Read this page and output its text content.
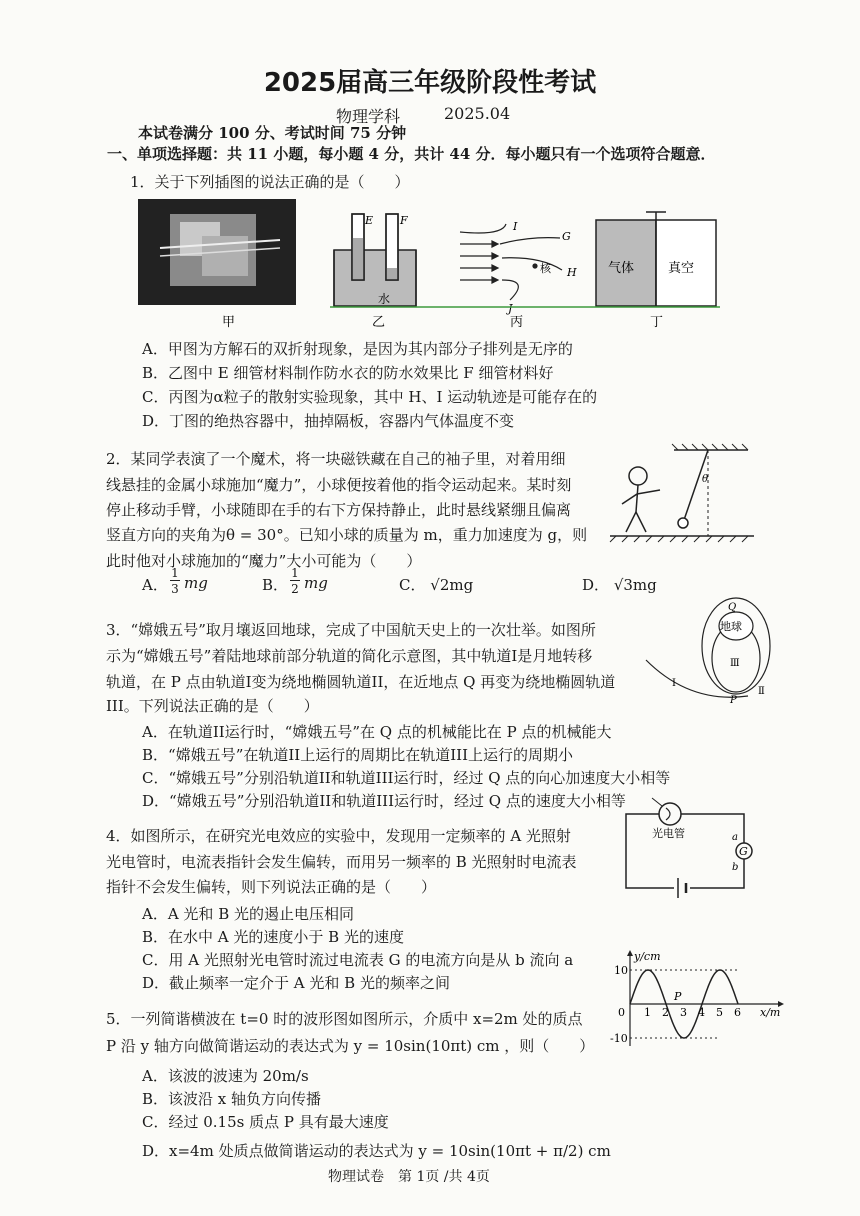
2025届高三年级阶段性考试
物理学科	2025.04
本试卷满分 100 分、考试时间 75 分钟
一、单项选择题：共 11 小题，每小题 4 分，共计 44 分．每小题只有一个选项符合题意．
1．关于下列插图的说法正确的是（　　）
E F
水
I
G
H
J
核	气体	真空
甲	乙	丙	丁
A．甲图为方解石的双折射现象，是因为其内部分子排列是无序的
B．乙图中 E 细管材料制作防水衣的防水效果比 F 细管材料好
C．丙图为α粒子的散射实验现象，其中 H、I 运动轨迹是可能存在的
D．丁图的绝热容器中，抽掉隔板，容器内气体温度不变
2．某同学表演了一个魔术，将一块磁铁藏在自己的袖子里，对着用细
线悬挂的金属小球施加“魔力”，小球便按着他的指令运动起来。某时刻
停止移动手臂，小球随即在手的右下方保持静止，此时悬线紧绷且偏离
竖直方向的夹角为θ = 30°。已知小球的质量为 m，重力加速度为 g，则
此时他对小球施加的“魔力”大小可能为（　　）
θ
A．
1
3 mg	B．
1
2 mg	C． √2mg	D． √3mg
3．“嫦娥五号”取月壤返回地球，完成了中国航天史上的一次壮举。如图所
示为“嫦娥五号”着陆地球前部分轨道的简化示意图，其中轨道I是月地转移
轨道，在 P 点由轨道I变为绕地椭圆轨道II，在近地点 Q 再变为绕地椭圆轨道
III。下列说法正确的是（　　）
Q
地球
Ⅲ
I
P
Ⅱ
A．在轨道II运行时，“嫦娥五号”在 Q 点的机械能比在 P 点的机械能大
B．“嫦娥五号”在轨道II上运行的周期比在轨道III上运行的周期小
C．“嫦娥五号”分别沿轨道II和轨道III运行时，经过 Q 点的向心加速度大小相等
D．“嫦娥五号”分别沿轨道II和轨道III运行时，经过 Q 点的速度大小相等
4．如图所示，在研究光电效应的实验中，发现用一定频率的 A 光照射
光电管时，电流表指针会发生偏转，而用另一频率的 B 光照射时电流表
指针不会发生偏转，则下列说法正确的是（　　）
光电管
G
a
b
A．A 光和 B 光的遏止电压相同
B．在水中 A 光的速度小于 B 光的速度
C．用 A 光照射光电管时流过电流表 G 的电流方向是从 b 流向 a
D．截止频率一定介于 A 光和 B 光的频率之间
5．一列简谐横波在 t=0 时的波形图如图所示，介质中 x=2m 处的质点
P 沿 y 轴方向做简谐运动的表达式为 y = 10sin(10πt) cm ，则（　　）
A．该波的波速为 20m/s
B．该波沿 x 轴负方向传播
C．经过 0.15s 质点 P 具有最大速度
D．x=4m 处质点做简谐运动的表达式为 y = 10sin(10πt + π/2) cm
y/cm
x/m
10
-10
0
P
1 2 3 4 5 6
物理试卷　第 1页 /共 4页
